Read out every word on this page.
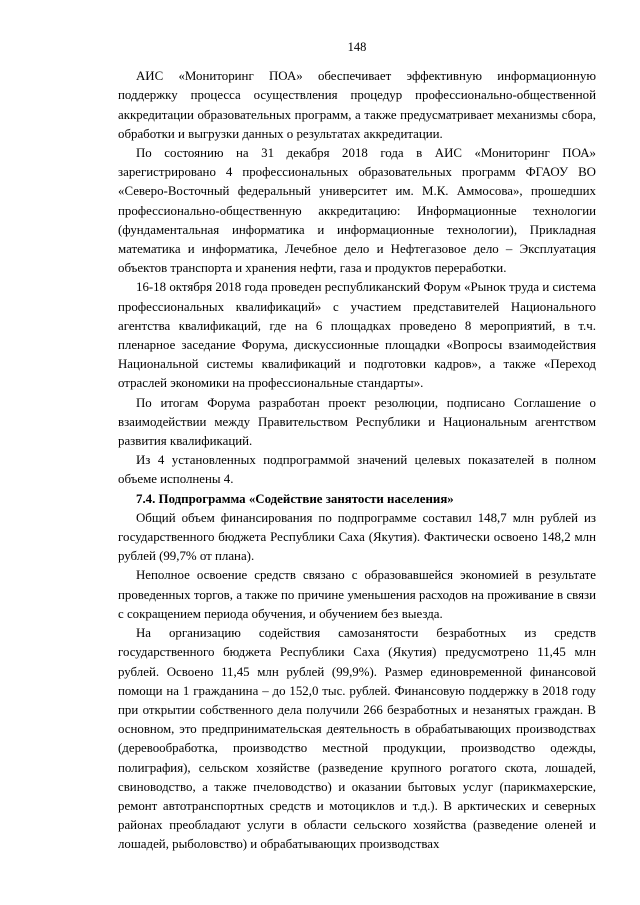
148

АИС «Мониторинг ПОА» обеспечивает эффективную информационную поддержку процесса осуществления процедур профессионально-общественной аккредитации образовательных программ, а также предусматривает механизмы сбора, обработки и выгрузки данных о результатах аккредитации.

По состоянию на 31 декабря 2018 года в АИС «Мониторинг ПОА» зарегистрировано 4 профессиональных образовательных программ ФГАОУ ВО «Северо-Восточный федеральный университет им. М.К. Аммосова», прошедших профессионально-общественную аккредитацию: Информационные технологии (фундаментальная информатика и информационные технологии), Прикладная математика и информатика, Лечебное дело и Нефтегазовое дело – Эксплуатация объектов транспорта и хранения нефти, газа и продуктов переработки.

16-18 октября 2018 года проведен республиканский Форум «Рынок труда и система профессиональных квалификаций» с участием представителей Национального агентства квалификаций, где на 6 площадках проведено 8 мероприятий, в т.ч. пленарное заседание Форума, дискуссионные площадки «Вопросы взаимодействия Национальной системы квалификаций и подготовки кадров», а также «Переход отраслей экономики на профессиональные стандарты».

По итогам Форума разработан проект резолюции, подписано Соглашение о взаимодействии между Правительством Республики и Национальным агентством развития квалификаций.

Из 4 установленных подпрограммой значений целевых показателей в полном объеме исполнены 4.

7.4. Подпрограмма «Содействие занятости населения»

Общий объем финансирования по подпрограмме составил 148,7 млн рублей из государственного бюджета Республики Саха (Якутия). Фактически освоено 148,2 млн рублей (99,7% от плана).

Неполное освоение средств связано с образовавшейся экономией в результате проведенных торгов, а также по причине уменьшения расходов на проживание в связи с сокращением периода обучения, и обучением без выезда.

На организацию содействия самозанятости безработных из средств государственного бюджета Республики Саха (Якутия) предусмотрено 11,45 млн рублей. Освоено 11,45 млн рублей (99,9%). Размер единовременной финансовой помощи на 1 гражданина – до 152,0 тыс. рублей. Финансовую поддержку в 2018 году при открытии собственного дела получили 266 безработных и незанятых граждан. В основном, это предпринимательская деятельность в обрабатывающих производствах (деревообработка, производство местной продукции, производство одежды, полиграфия), сельском хозяйстве (разведение крупного рогатого скота, лошадей, свиноводство, а также пчеловодство) и оказании бытовых услуг (парикмахерские, ремонт автотранспортных средств и мотоциклов и т.д.). В арктических и северных районах преобладают услуги в области сельского хозяйства (разведение оленей и лошадей, рыболовство) и обрабатывающих производствах
